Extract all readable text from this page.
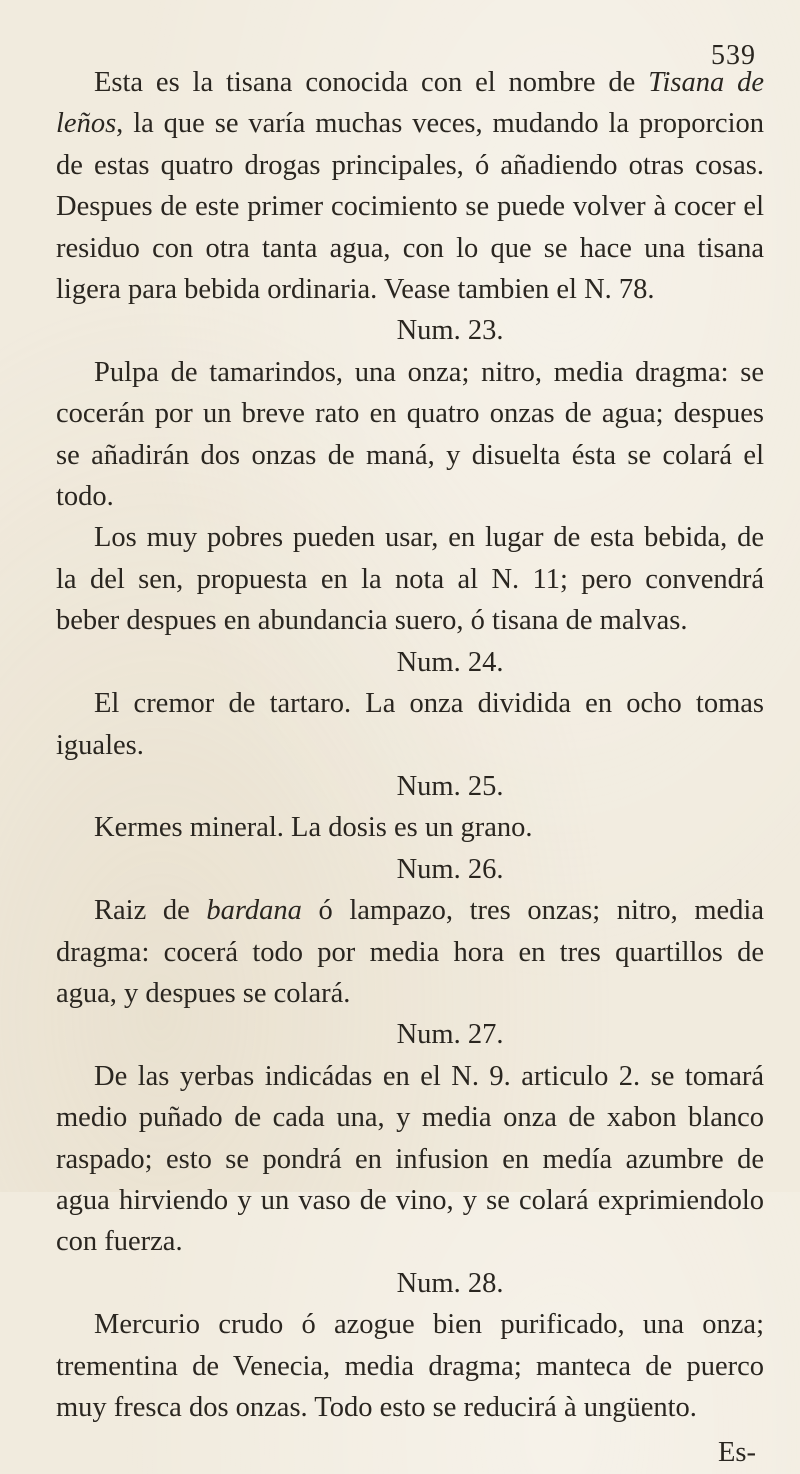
539

Esta es la tisana conocida con el nombre de Tisana de leños, la que se varía muchas veces, mudando la proporcion de estas quatro drogas principales, ó añadiendo otras cosas. Despues de este primer cocimiento se puede volver à cocer el residuo con otra tanta agua, con lo que se hace una tisana ligera para bebida ordinaria. Vease tambien el N. 78.

Num. 23.

Pulpa de tamarindos, una onza; nitro, media dragma: se cocerán por un breve rato en quatro onzas de agua; despues se añadirán dos onzas de maná, y disuelta ésta se colará el todo.

Los muy pobres pueden usar, en lugar de esta bebida, de la del sen, propuesta en la nota al N. 11; pero convendrá beber despues en abundancia suero, ó tisana de malvas.

Num. 24.

El cremor de tartaro. La onza dividida en ocho tomas iguales.

Num. 25.

Kermes mineral. La dosis es un grano.

Num. 26.

Raiz de bardana ó lampazo, tres onzas; nitro, media dragma: cocerá todo por media hora en tres quartillos de agua, y despues se colará.

Num. 27.

De las yerbas indicádas en el N. 9. articulo 2. se tomará medio puñado de cada una, y media onza de xabon blanco raspado; esto se pondrá en infusion en medía azumbre de agua hirviendo y un vaso de vino, y se colará exprimiendolo con fuerza.

Num. 28.

Mercurio crudo ó azogue bien purificado, una onza; trementina de Venecia, media dragma; manteca de puerco muy fresca dos onzas. Todo esto se reducirá à ungüento.

Es-
